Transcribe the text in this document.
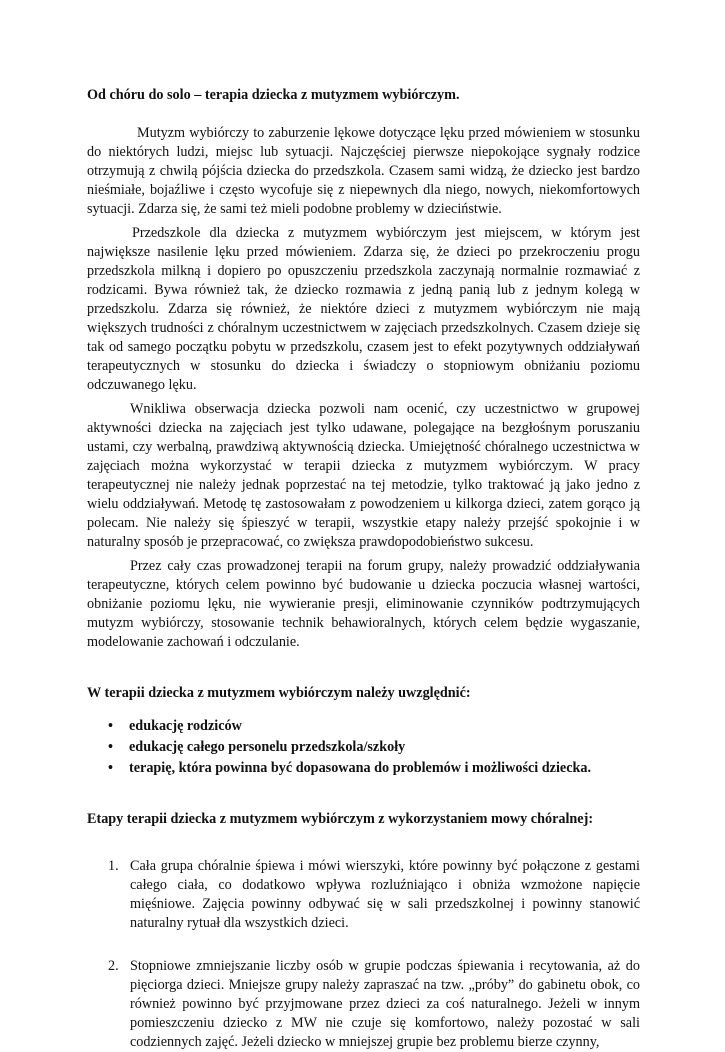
Od chóru do solo – terapia dziecka z mutyzmem wybiórczym.

Mutyzm wybiórczy to zaburzenie lękowe dotyczące lęku przed mówieniem w stosunku do niektórych ludzi, miejsc lub sytuacji. Najczęściej pierwsze niepokojące sygnały rodzice otrzymują z chwilą pójścia dziecka do przedszkola. Czasem sami widzą, że dziecko jest bardzo nieśmiałe, bojaźliwe i często wycofuje się z niepewnych dla niego, nowych, niekomfortowych sytuacji. Zdarza się, że sami też mieli podobne problemy w dzieciństwie.

Przedszkole dla dziecka z mutyzmem wybiórczym jest miejscem, w którym jest największe nasilenie lęku przed mówieniem. Zdarza się, że dzieci po przekroczeniu progu przedszkola milkną i dopiero po opuszczeniu przedszkola zaczynają normalnie rozmawiać z rodzicami. Bywa również tak, że dziecko rozmawia z jedną panią lub z jednym kolegą w przedszkolu. Zdarza się również, że niektóre dzieci z mutyzmem wybiórczym nie mają większych trudności z chóralnym uczestnictwem w zajęciach przedszkolnych. Czasem dzieje się tak od samego początku pobytu w przedszkolu, czasem jest to efekt pozytywnych oddziaływań terapeutycznych w stosunku do dziecka i świadczy o stopniowym obniżaniu poziomu odczuwanego lęku.

Wnikliwa obserwacja dziecka pozwoli nam ocenić, czy uczestnictwo w grupowej aktywności dziecka na zajęciach jest tylko udawane, polegające na bezgłośnym poruszaniu ustami, czy werbalną, prawdziwą aktywnością dziecka. Umiejętność chóralnego uczestnictwa w zajęciach można wykorzystać w terapii dziecka z mutyzmem wybiórczym. W pracy terapeutycznej nie należy jednak poprzestać na tej metodzie, tylko traktować ją jako jedno z wielu oddziaływań. Metodę tę zastosowałam z powodzeniem u kilkorga dzieci, zatem gorąco ją polecam. Nie należy się śpieszyć w terapii, wszystkie etapy należy przejść spokojnie i w naturalny sposób je przepracować, co zwiększa prawdopodobieństwo sukcesu.

Przez cały czas prowadzonej terapii na forum grupy, należy prowadzić oddziaływania terapeutyczne, których celem powinno być budowanie u dziecka poczucia własnej wartości, obniżanie poziomu lęku, nie wywieranie presji, eliminowanie czynników podtrzymujących mutyzm wybiórczy, stosowanie technik behawioralnych, których celem będzie wygaszanie, modelowanie zachowań i odczulanie.

W terapii dziecka z mutyzmem wybiórczym należy uwzględnić:
• edukację rodziców
• edukację całego personelu przedszkola/szkoły
• terapię, która powinna być dopasowana do problemów i możliwości dziecka.
Etapy terapii dziecka z mutyzmem wybiórczym z wykorzystaniem mowy chóralnej:
1. Cała grupa chóralnie śpiewa i mówi wierszyki, które powinny być połączone z gestami całego ciała, co dodatkowo wpływa rozluźniająco i obniża wzmożone napięcie mięśniowe. Zajęcia powinny odbywać się w sali przedszkolnej i powinny stanowić naturalny rytuał dla wszystkich dzieci.
2. Stopniowe zmniejszanie liczby osób w grupie podczas śpiewania i recytowania, aż do pięciorga dzieci. Mniejsze grupy należy zapraszać na tzw. „próby” do gabinetu obok, co również powinno być przyjmowane przez dzieci za coś naturalnego. Jeżeli w innym pomieszczeniu dziecko z MW nie czuje się komfortowo, należy pozostać w sali codziennych zajęć. Jeżeli dziecko w mniejszej grupie bez problemu bierze czynny,
